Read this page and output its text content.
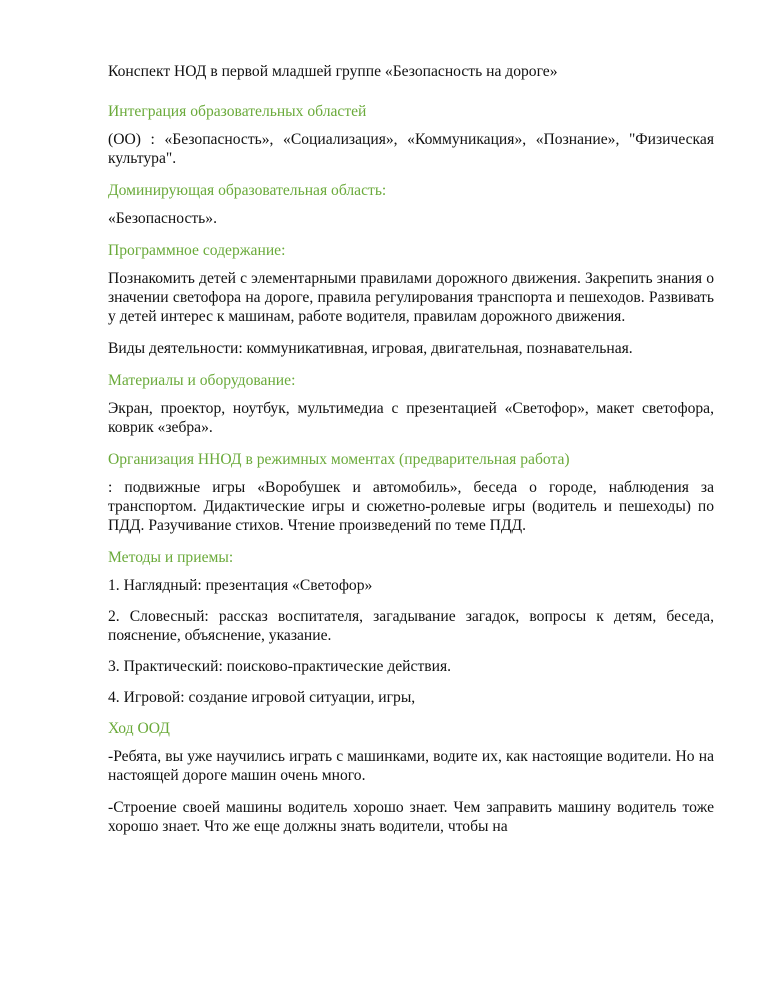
Конспект НОД в первой младшей группе «Безопасность на дороге»

Интеграция образовательных областей

(ОО) : «Безопасность», «Социализация», «Коммуникация», «Познание», "Физическая культура".

Доминирующая образовательная область:

«Безопасность».

Программное содержание:

Познакомить детей с элементарными правилами дорожного движения. Закрепить знания о значении светофора на дороге, правила регулирования транспорта и пешеходов. Развивать у детей интерес к машинам, работе водителя, правилам дорожного движения.

Виды деятельности: коммуникативная, игровая, двигательная, познавательная.

Материалы и оборудование:

Экран, проектор, ноутбук, мультимедиа с презентацией «Светофор», макет светофора, коврик «зебра».

Организация ННОД в режимных моментах (предварительная работа)

: подвижные игры «Воробушек и автомобиль», беседа о городе, наблюдения за транспортом. Дидактические игры и сюжетно-ролевые игры (водитель и пешеходы) по ПДД. Разучивание стихов. Чтение произведений по теме ПДД.

Методы и приемы:

1. Наглядный: презентация «Светофор»

2. Словесный: рассказ воспитателя, загадывание загадок, вопросы к детям, беседа, пояснение, объяснение, указание.

3. Практический: поисково-практические действия.

4. Игровой: создание игровой ситуации, игры,

Ход ООД

-Ребята, вы уже научились играть с машинками, водите их, как настоящие водители. Но на настоящей дороге машин очень много.

-Строение своей машины водитель хорошо знает. Чем заправить машину водитель тоже хорошо знает. Что же еще должны знать водители, чтобы на
